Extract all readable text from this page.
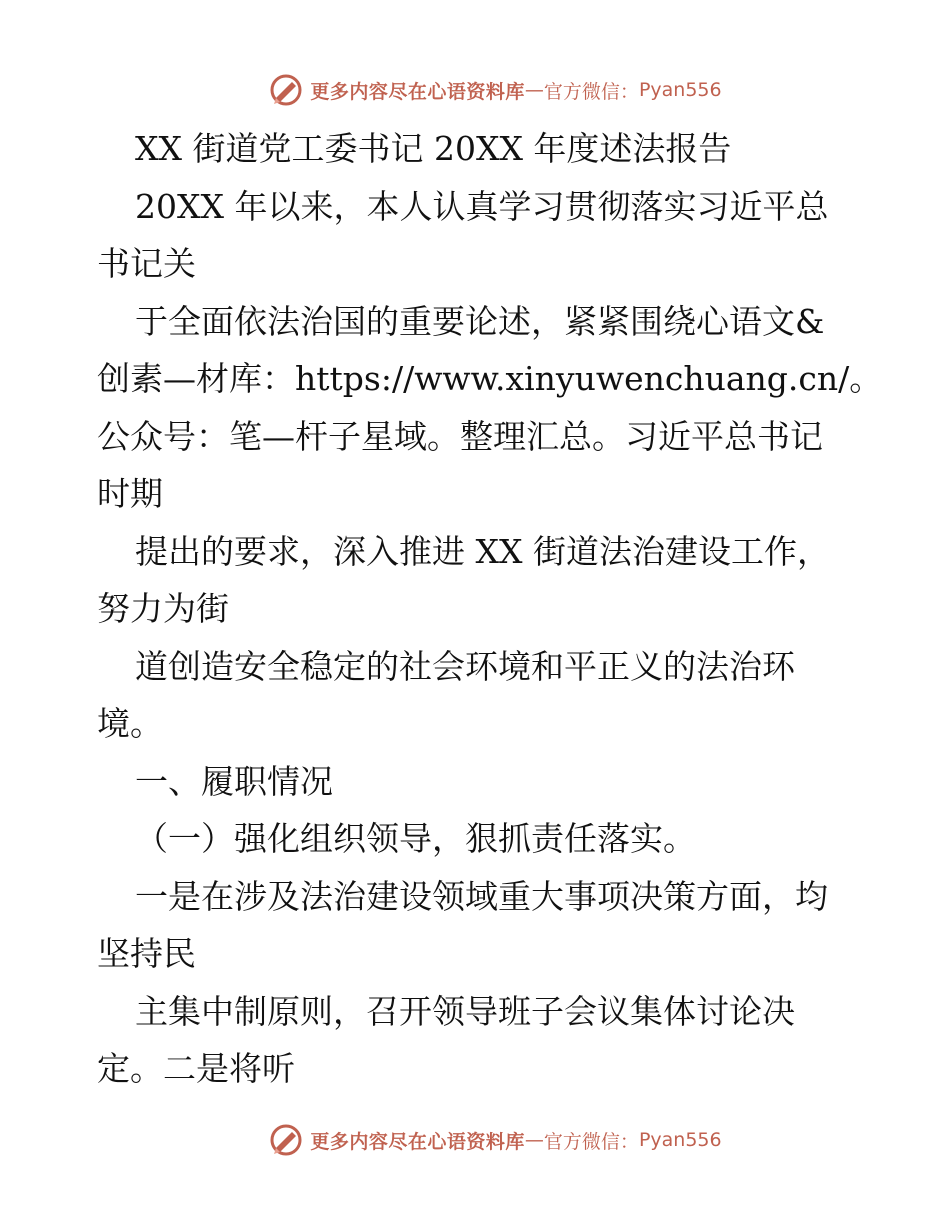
更多内容尽在心语资料库 — 官方微信： Pyan556
XX 街道党工委书记 20XX 年度述法报告
20XX 年以来，本人认真学习贯彻落实习近平总
书记关
于全面依法治国的重要论述，紧紧围绕心语文&
创素—材库：https://www.xinyuwenchuang.cn/。
公众号：笔—杆子星域。整理汇总。习近平总书记
时期
提出的要求，深入推进 XX 街道法治建设工作，
努力为街
道创造安全稳定的社会环境和平正义的法治环
境。
一、履职情况
（一）强化组织领导，狠抓责任落实。
一是在涉及法治建设领域重大事项决策方面，均
坚持民
主集中制原则，召开领导班子会议集体讨论决
定。二是将听
更多内容尽在心语资料库 — 官方微信： Pyan556
